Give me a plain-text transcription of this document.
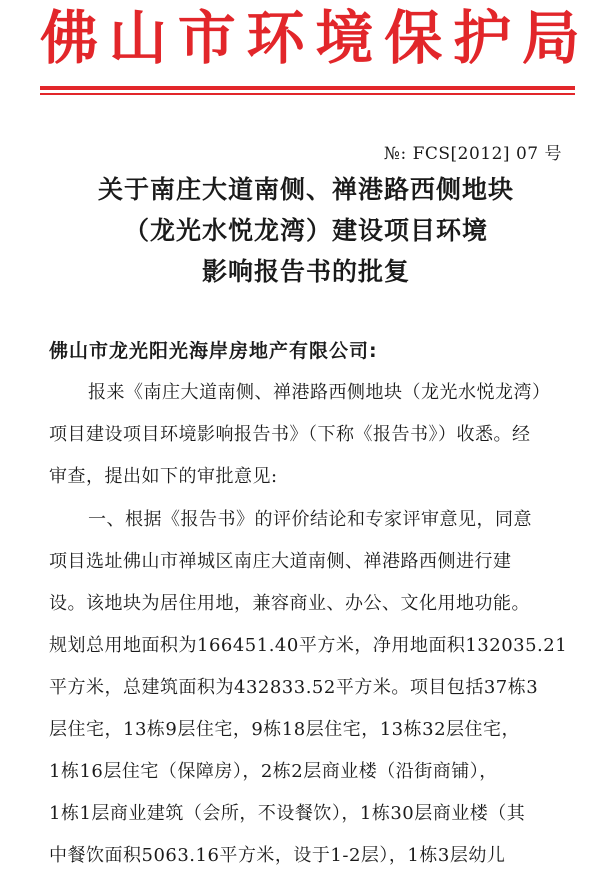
佛 山 市 环 境 保 护 局
№: FCS[2012] 07 号
关于南庄大道南侧、禅港路西侧地块
（龙光水悦龙湾）建设项目环境
影响报告书的批复
佛山市龙光阳光海岸房地产有限公司:
报来《南庄大道南侧、禅港路西侧地块（龙光水悦龙湾）
项目建设项目环境影响报告书》（下称《报告书》）收悉。经
审查，提出如下的审批意见:
一、根据《报告书》的评价结论和专家评审意见，同意
项目选址佛山市禅城区南庄大道南侧、禅港路西侧进行建
设。该地块为居住用地，兼容商业、办公、文化用地功能。
规划总用地面积为166451.40平方米，净用地面积132035.21
平方米，总建筑面积为432833.52平方米。项目包括37栋3
层住宅，13栋9层住宅，9栋18层住宅，13栋32层住宅，
1栋16层住宅（保障房），2栋2层商业楼（沿街商铺），
1栋1层商业建筑（会所，不设餐饮），1栋30层商业楼（其
中餐饮面积5063.16平方米，设于1-2层），1栋3层幼儿
